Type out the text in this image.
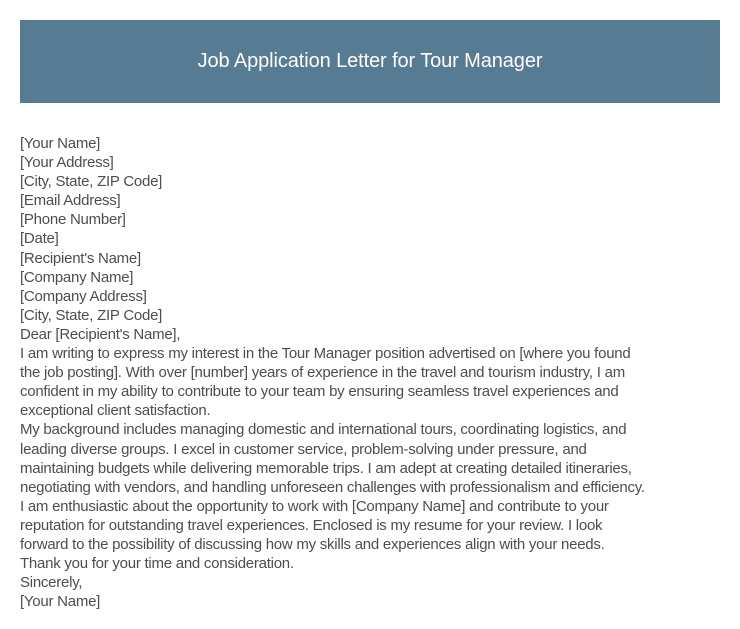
Job Application Letter for Tour Manager
[Your Name]
[Your Address]
[City, State, ZIP Code]
[Email Address]
[Phone Number]
[Date]
[Recipient's Name]
[Company Name]
[Company Address]
[City, State, ZIP Code]
Dear [Recipient's Name],
I am writing to express my interest in the Tour Manager position advertised on [where you found
the job posting]. With over [number] years of experience in the travel and tourism industry, I am
confident in my ability to contribute to your team by ensuring seamless travel experiences and
exceptional client satisfaction.
My background includes managing domestic and international tours, coordinating logistics, and
leading diverse groups. I excel in customer service, problem-solving under pressure, and
maintaining budgets while delivering memorable trips. I am adept at creating detailed itineraries,
negotiating with vendors, and handling unforeseen challenges with professionalism and efficiency.
I am enthusiastic about the opportunity to work with [Company Name] and contribute to your
reputation for outstanding travel experiences. Enclosed is my resume for your review. I look
forward to the possibility of discussing how my skills and experiences align with your needs.
Thank you for your time and consideration.
Sincerely,
[Your Name]
